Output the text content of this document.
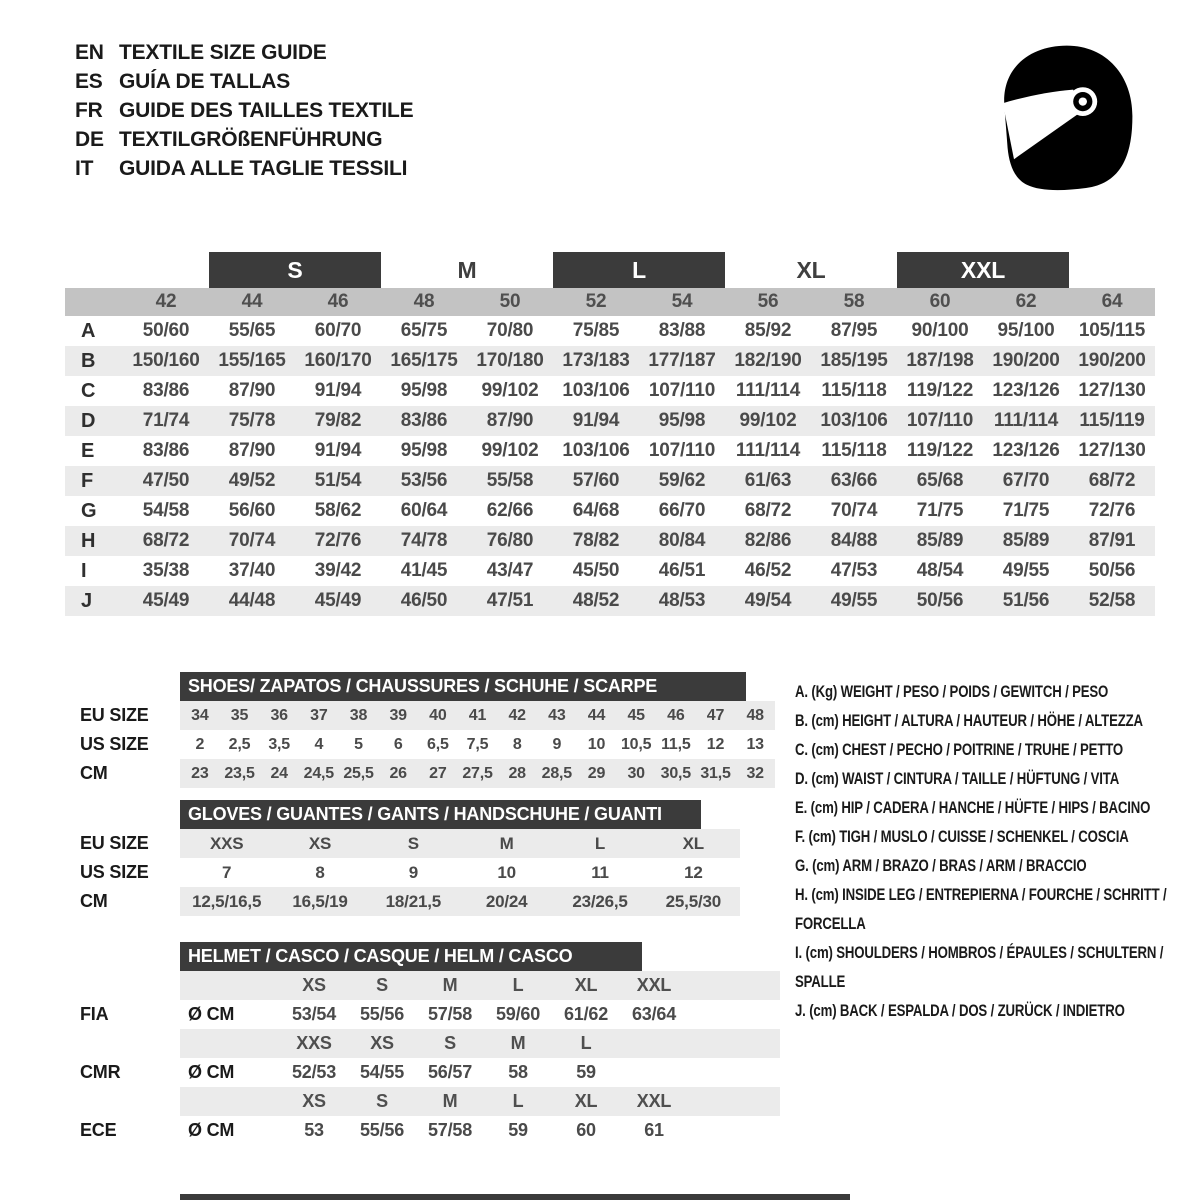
EN TEXTILE SIZE GUIDE
ES GUÍA DE TALLAS
FR GUIDE DES TAILLES TEXTILE
DE TEXTILGRÖßENFÜHRUNG
IT	GUIDA ALLE TAGLIE TESSILI
S	M	L	XL	XXL
42	44	46	48	50	52	54	56	58	60	62	64
A	50/60	55/65	60/70	65/75	70/80	75/85	83/88	85/92	87/95	90/100	95/100	105/115
B	150/160 155/165 160/170 165/175 170/180 173/183 177/187 182/190 185/195 187/198 190/200 190/200
C	83/86	87/90	91/94	95/98	99/102	103/106	107/110	111/114	115/118	119/122	123/126 127/130
D	71/74	75/78	79/82	83/86	87/90	91/94	95/98	99/102	103/106	107/110	111/114	115/119
E	83/86	87/90	91/94	95/98	99/102	103/106	107/110	111/114	115/118	119/122	123/126 127/130
F	47/50	49/52	51/54	53/56	55/58	57/60	59/62	61/63	63/66	65/68	67/70	68/72
G	54/58	56/60	58/62	60/64	62/66	64/68	66/70	68/72	70/74	71/75	71/75	72/76
H	68/72	70/74	72/76	74/78	76/80	78/82	80/84	82/86	84/88	85/89	85/89	87/91
I	35/38	37/40	39/42	41/45	43/47	45/50	46/51	46/52	47/53	48/54	49/55	50/56
J	45/49	44/48	45/49	46/50	47/51	48/52	48/53	49/54	49/55	50/56	51/56	52/58
SHOES/ ZAPATOS / CHAUSSURES / SCHUHE / SCARPE
EU SIZE	34	35	36	37	38	39	40	41	42	43	44	45	46	47	48
US SIZE	2	2,5	3,5	4	5	6	6,5	7,5	8	9	10 10,5 11,5	12	13
CM	23 23,5 24 24,5 25,5 26	27 27,5 28 28,5 29	30 30,5 31,5 32
GLOVES / GUANTES / GANTS / HANDSCHUHE / GUANTI
EU SIZE	XXS	XS	S	M	L	XL
US SIZE	7	8	9	10	11	12
CM	12,5/16,5	16,5/19	18/21,5	20/24	23/26,5	25,5/30
HELMET / CASCO / CASQUE / HELM / CASCO
XS	S	M	L	XL	XXL
FIA	Ø CM	53/54	55/56	57/58	59/60	61/62	63/64
XXS	XS	S	M	L
CMR	Ø CM	52/53	54/55	56/57	58	59
XS	S	M	L	XL	XXL
ECE	Ø CM	53	55/56	57/58	59	60	61
A. (Kg) WEIGHT / PESO / POIDS / GEWITCH / PESO
B. (cm) HEIGHT / ALTURA / HAUTEUR / HÖHE / ALTEZZA
C. (cm) CHEST / PECHO / POITRINE / TRUHE / PETTO
D. (cm) WAIST / CINTURA / TAILLE / HÜFTUNG / VITA
E. (cm) HIP / CADERA / HANCHE / HÜFTE / HIPS / BACINO
F. (cm) TIGH / MUSLO / CUISSE / SCHENKEL / COSCIA
G. (cm) ARM / BRAZO / BRAS / ARM / BRACCIO
H. (cm) INSIDE LEG / ENTREPIERNA / FOURCHE / SCHRITT / FORCELLA
I. (cm) SHOULDERS / HOMBROS / ÉPAULES / SCHULTERN / SPALLE
J. (cm) BACK / ESPALDA / DOS / ZURÜCK / INDIETRO
